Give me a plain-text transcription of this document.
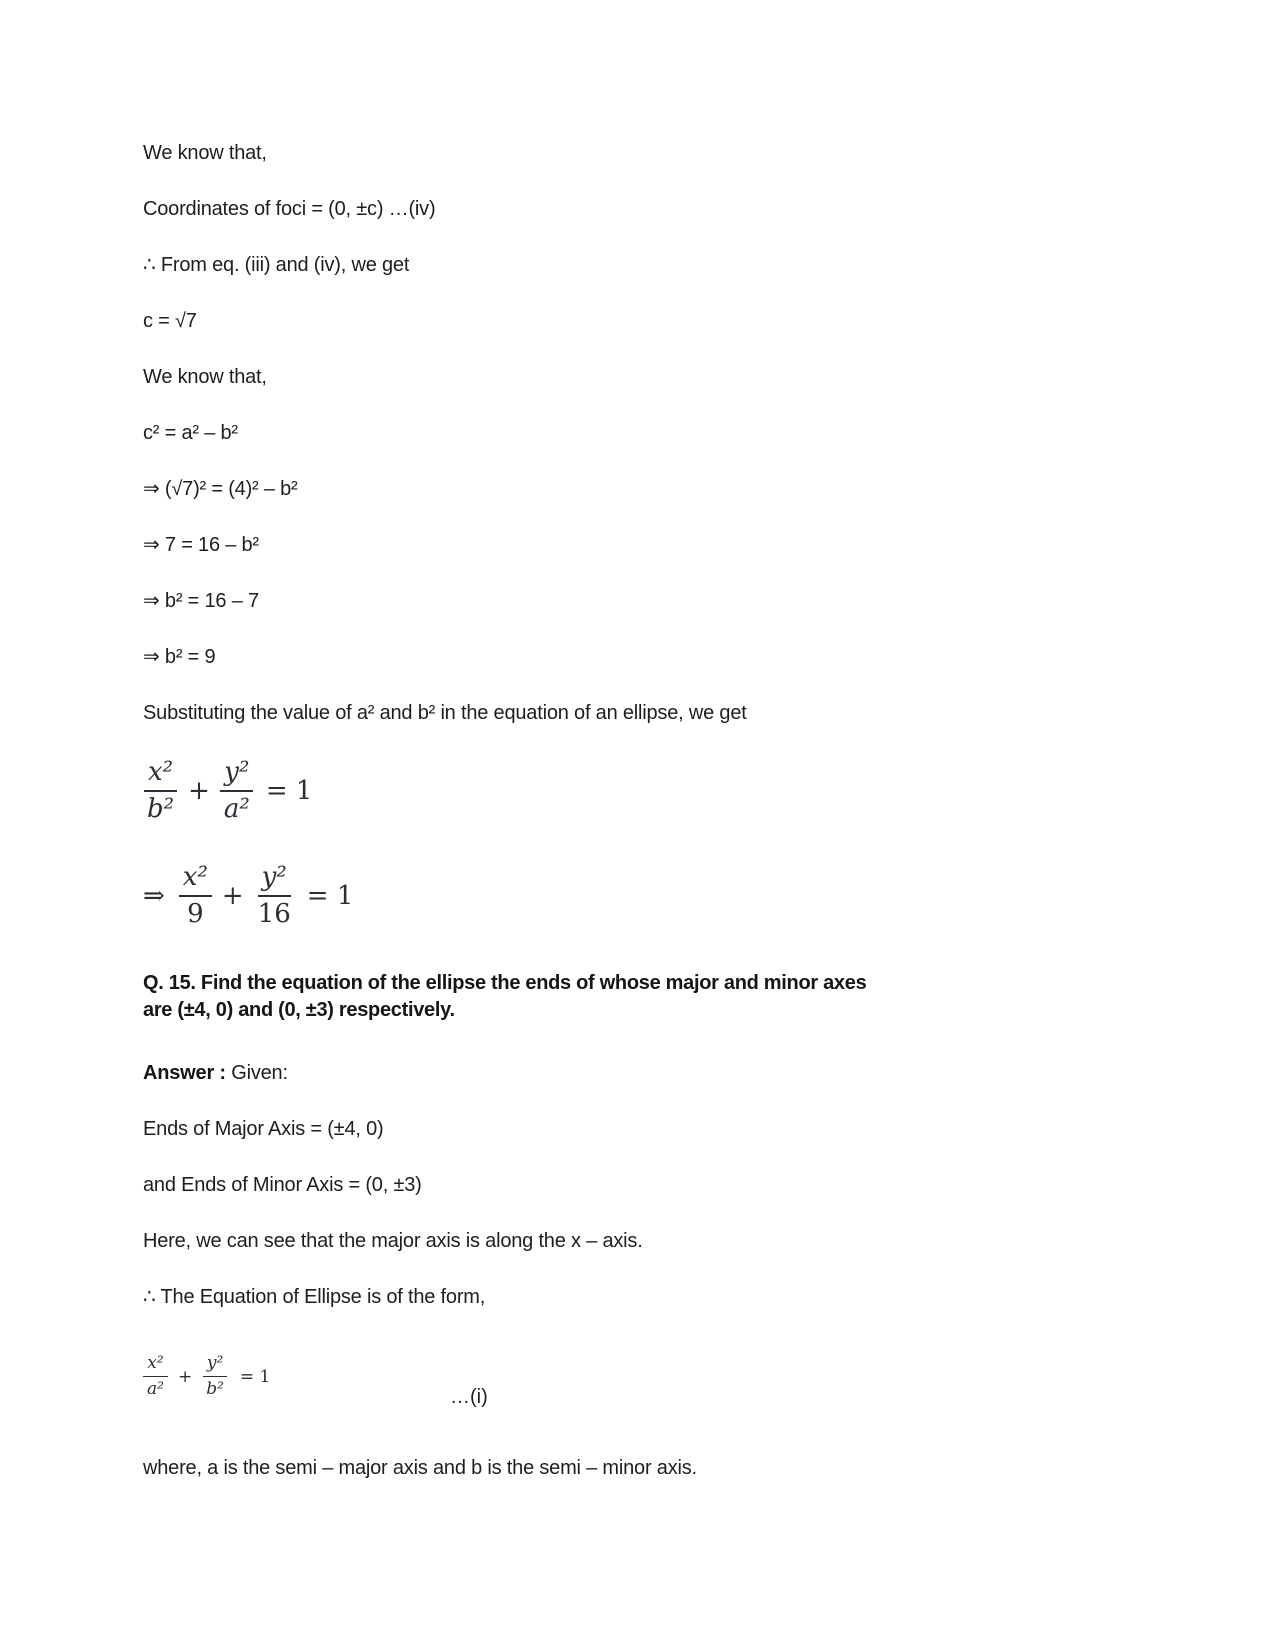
We know that,

Coordinates of foci = (0, ±c) …(iv)

∴ From eq. (iii) and (iv), we get

c = √7

We know that,

c² = a² – b²

⇒ (√7)² = (4)² – b²

⇒ 7 = 16 – b²

⇒ b² = 16 – 7

⇒ b² = 9

Substituting the value of a² and b² in the equation of an ellipse, we get

$\frac{\text{x²}}{\text{b²}} + \frac{\text{y²}}{\text{a²}} = 1$
⇒ $\frac{\text{x²}}{9} + \frac{\text{y²}}{16} = 1$

Q. 15. Find the equation of the ellipse the ends of whose major and minor axes
are (±4, 0) and (0, ±3) respectively.

Answer : Given:

Ends of Major Axis = (±4, 0)

and Ends of Minor Axis = (0, ±3)

Here, we can see that the major axis is along the x – axis.

∴ The Equation of Ellipse is of the form,

$\frac{\text{x²}}{\text{a²}} + \frac{\text{y²}}{\text{b²}} = 1$
…(i)

where, a is the semi – major axis and b is the semi – minor axis.
